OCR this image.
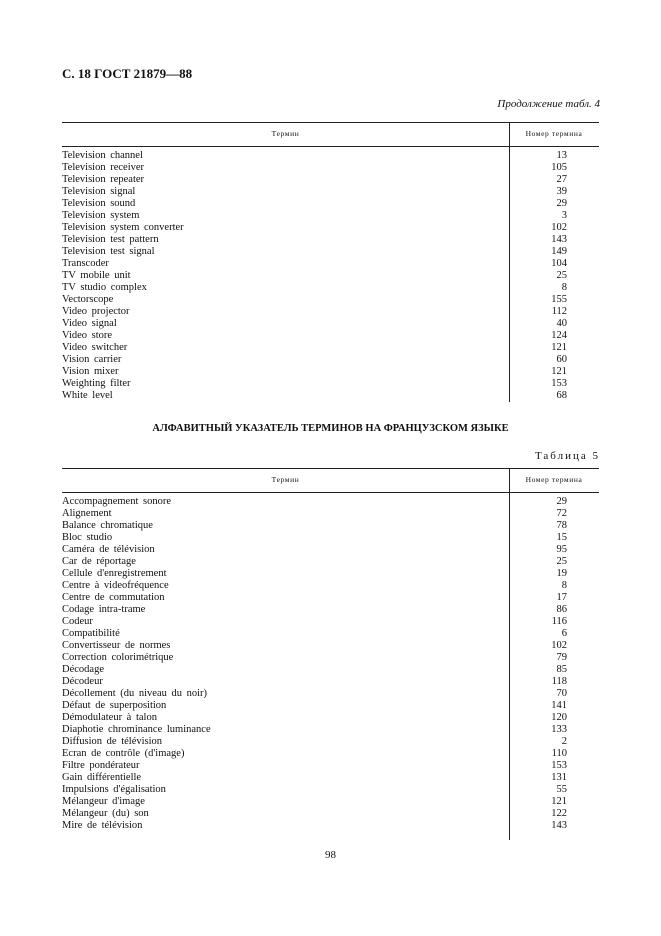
С. 18 ГОСТ 21879—88
Продолжение табл. 4
Термин	Номер термина
Television channel	13
Television receiver	105
Television repeater	27
Television signal	39
Television sound	29
Television system	3
Television system converter	102
Television test pattern	143
Television test signal	149
Transcoder	104
TV mobile unit	25
TV studio complex	8
Vectorscope	155
Video projector	112
Video signal	40
Video store	124
Video switcher	121
Vision carrier	60
Vision mixer	121
Weighting filter	153
White level	68
АЛФАВИТНЫЙ УКАЗАТЕЛЬ ТЕРМИНОВ НА ФРАНЦУЗСКОМ ЯЗЫКЕ
Таблица 5
Термин	Номер термина
Accompagnement sonore	29
Alignement	72
Balance chromatique	78
Bloc studio	15
Caméra de télévision	95
Car de réportage	25
Cellule d'enregistrement	19
Centre à videofréquence	8
Centre de commutation	17
Codage intra-trame	86
Codeur	116
Compatibilité	6
Convertisseur de normes	102
Correction colorimétrique	79
Décodage	85
Décodeur	118
Décollement (du niveau du noir)	70
Défaut de superposition	141
Démodulateur à talon	120
Diaphotie chrominance luminance	133
Diffusion de télévision	2
Ecran de contrôle (d'image)	110
Filtre pondérateur	153
Gain différentielle	131
Impulsions d'égalisation	55
Mélangeur d'image	121
Mélangeur (du) son	122
Mire de télévision	143
98
